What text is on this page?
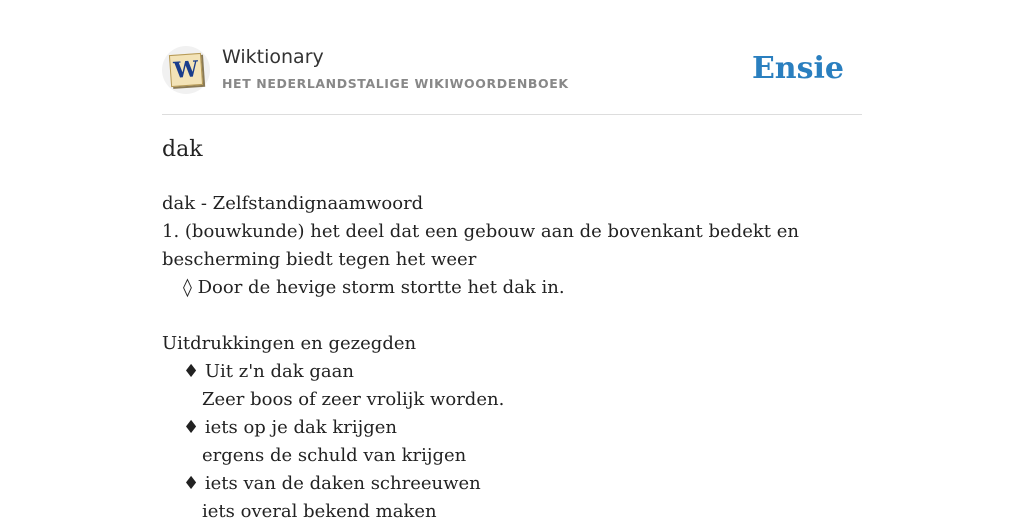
W Wiktionary
HET NEDERLANDSTALIGE WIKIWOORDENBOEK	Ensie
dak
dak - Zelfstandignaamwoord
1. (bouwkunde) het deel dat een gebouw aan de bovenkant bedekt en bescherming biedt tegen het weer
◊ Door de hevige storm stortte het dak in.
Uitdrukkingen en gezegden
♦ Uit z'n dak gaan
Zeer boos of zeer vrolijk worden.
♦ iets op je dak krijgen
ergens de schuld van krijgen
♦ iets van de daken schreeuwen
iets overal bekend maken
